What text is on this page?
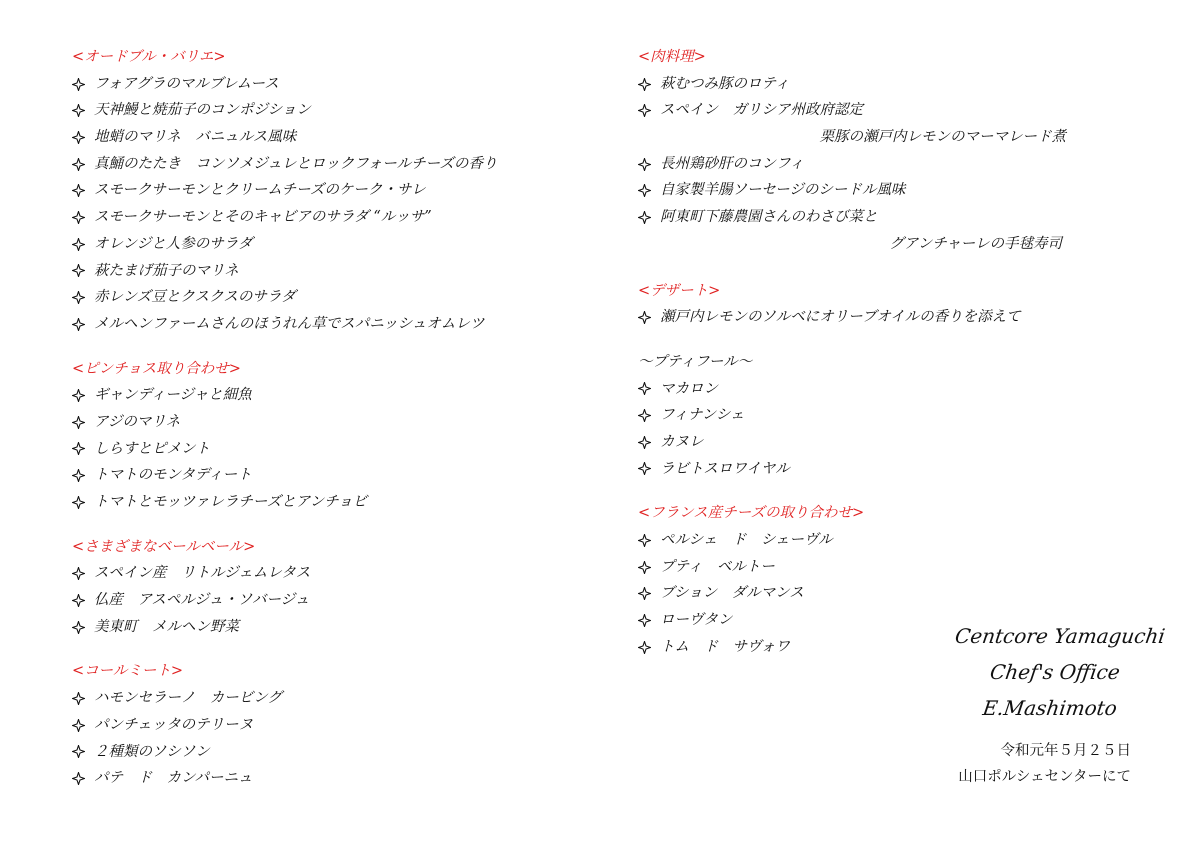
<オードブル・バリエ>
フォアグラのマルブレムース
天神鰻と焼茄子のコンポジション
地蛸のマリネ　バニュルス風味
真鯒のたたき　コンソメジュレとロックフォールチーズの香り
スモークサーモンとクリームチーズのケーク・サレ
スモークサーモンとそのキャビアのサラダ “ルッサ”
オレンジと人参のサラダ
萩たまげ茄子のマリネ
赤レンズ豆とクスクスのサラダ
メルヘンファームさんのほうれん草でスパニッシュオムレツ
<ピンチョス取り合わせ>
ギャンディージャと細魚
アジのマリネ
しらすとピメント
トマトのモンタディート
トマトとモッツァレラチーズとアンチョビ
<さまざまなベールベール>
スペイン産　リトルジェムレタス
仏産　アスペルジュ・ソバージュ
美東町　メルヘン野菜
<コールミート>
ハモンセラーノ　カービング
パンチェッタのテリーヌ
２種類のソシソン
パテ　ド　カンパーニュ
<肉料理>
萩むつみ豚のロティ
スペイン　ガリシア州政府認定
栗豚の瀬戸内レモンのマーマレード煮
長州鶏砂肝のコンフィ
自家製羊腸ソーセージのシードル風味
阿東町下藤農園さんのわさび菜と
グアンチャーレの手毬寿司
<デザート>
瀬戸内レモンのソルベにオリーブオイルの香りを添えて
～プティフール～
マカロン
フィナンシェ
カヌレ
ラビトスロワイヤル
<フランス産チーズの取り合わせ>
ペルシェ　ド　シェーヴル
プティ　ベルトー
ブション　ダルマンス
ローヴタン
トム　ド　サヴォワ	Centcore Yamaguchi
Chef's Office
E.Mashimoto
令和元年５月２５日
山口ポルシェセンターにて
